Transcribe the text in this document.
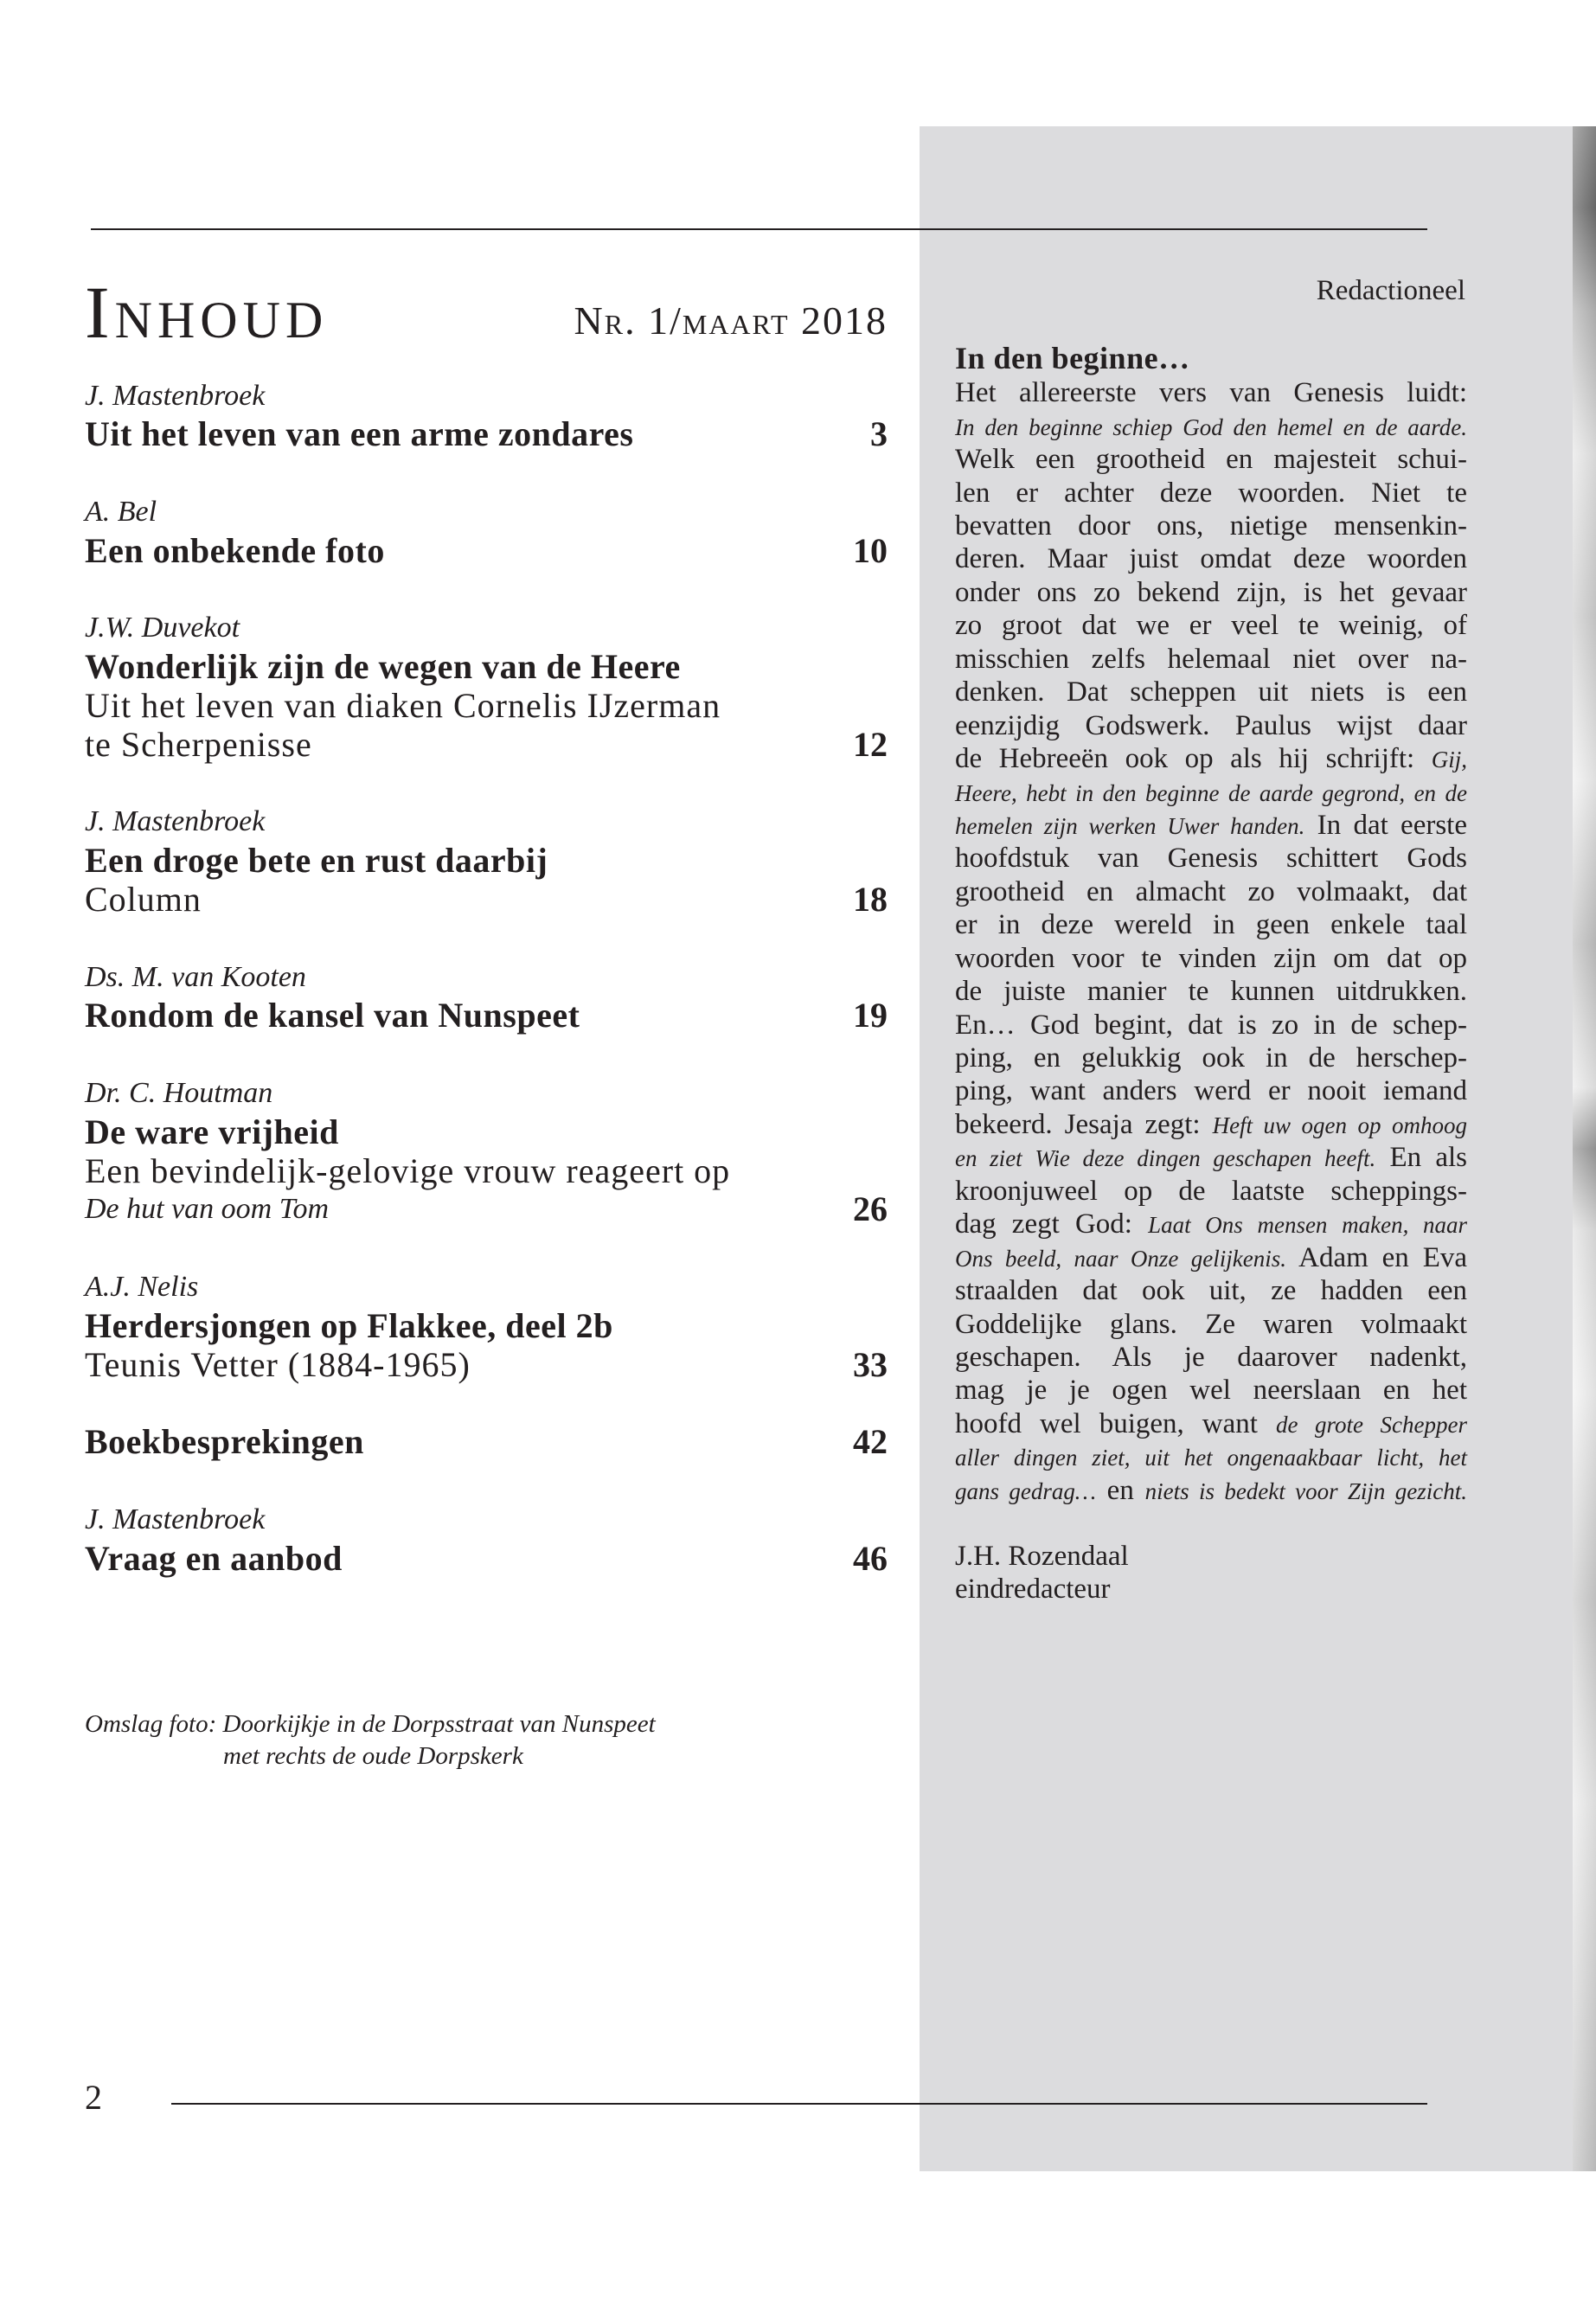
Inhoud	Nr. 1/maart 2018
J. Mastenbroek
Uit het leven van een arme zondares	3
A. Bel
Een onbekende foto	10
J.W. Duvekot
Wonderlijk zijn de wegen van de Heere
Uit het leven van diaken Cornelis IJzerman
te Scherpenisse	12
J. Mastenbroek
Een droge bete en rust daarbij
Column	18
Ds. M. van Kooten
Rondom de kansel van Nunspeet	19
Dr. C. Houtman
De ware vrijheid
Een bevindelijk-gelovige vrouw reageert op
De hut van oom Tom	26
A.J. Nelis
Herdersjongen op Flakkee, deel 2b
Teunis Vetter (1884-1965)	33
Boekbesprekingen	42
J. Mastenbroek
Vraag en aanbod	46
Omslag foto: Doorkijkje in de Dorpsstraat van Nunspeet
met rechts de oude Dorpskerk
2
Redactioneel
In den beginne…
Het allereerste vers van Genesis luidt:
In den beginne schiep God den hemel en de aarde.
Welk een grootheid en majesteit schui-
len er achter deze woorden. Niet te
bevatten door ons, nietige mensenkin-
deren. Maar juist omdat deze woorden
onder ons zo bekend zijn, is het gevaar
zo groot dat we er veel te weinig, of
misschien zelfs helemaal niet over na-
denken. Dat scheppen uit niets is een
eenzijdig Godswerk. Paulus wijst daar
de Hebreeën ook op als hij schrijft: Gij,
Heere, hebt in den beginne de aarde gegrond, en de
hemelen zijn werken Uwer handen. In dat eerste
hoofdstuk van Genesis schittert Gods
grootheid en almacht zo volmaakt, dat
er in deze wereld in geen enkele taal
woorden voor te vinden zijn om dat op
de juiste manier te kunnen uitdrukken.
En… God begint, dat is zo in de schep-
ping, en gelukkig ook in de herschep-
ping, want anders werd er nooit iemand
bekeerd. Jesaja zegt: Heft uw ogen op omhoog
en ziet Wie deze dingen geschapen heeft. En als
kroonjuweel op de laatste scheppings-
dag zegt God: Laat Ons mensen maken, naar
Ons beeld, naar Onze gelijkenis. Adam en Eva
straalden dat ook uit, ze hadden een
Goddelijke glans. Ze waren volmaakt
geschapen. Als je daarover nadenkt,
mag je je ogen wel neerslaan en het
hoofd wel buigen, want de grote Schepper
aller dingen ziet, uit het ongenaakbaar licht, het
gans gedrag… en niets is bedekt voor Zijn gezicht.
J.H. Rozendaal
eindredacteur
